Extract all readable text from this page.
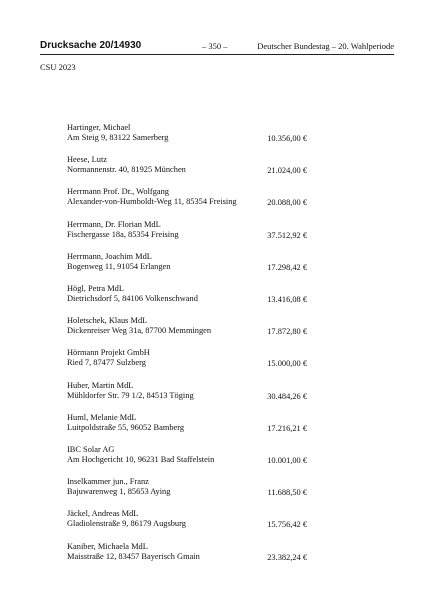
Drucksache 20/14930	– 350 –	Deutscher Bundestag – 20. Wahlperiode
CSU 2023
Hartinger, Michael
Am Steig 9, 83122 Samerberg	10.356,00 €
Heese, Lutz
Normannenstr. 40, 81925 München	21.024,00 €
Herrmann Prof. Dr., Wolfgang
Alexander-von-Humboldt-Weg 11, 85354 Freising	20.088,00 €
Herrmann, Dr. Florian MdL
Fischergasse 18a, 85354 Freising	37.512,92 €
Herrmann, Joachim MdL
Bogenweg 11, 91054 Erlangen	17.298,42 €
Högl, Petra MdL
Dietrichsdorf 5, 84106 Volkenschwand	13.416,08 €
Holetschek, Klaus MdL
Dickenreiser Weg 31a, 87700 Memmingen	17.872,80 €
Hörmann Projekt GmbH
Ried 7, 87477 Sulzberg	15.000,00 €
Huber, Martin MdL
Mühldorfer Str. 79 1/2, 84513 Töging	30.484,26 €
Huml, Melanie MdL
Luitpoldstraße 55, 96052 Bamberg	17.216,21 €
IBC Solar AG
Am Hochgericht 10, 96231 Bad Staffelstein	10.001,00 €
Inselkammer jun., Franz
Bajuwarenweg 1, 85653 Aying	11.688,50 €
Jäckel, Andreas MdL
Gladiolenstraße 9, 86179 Augsburg	15.756,42 €
Kaniber, Michaela MdL
Maisstraße 12, 83457 Bayerisch Gmain	23.382,24 €
